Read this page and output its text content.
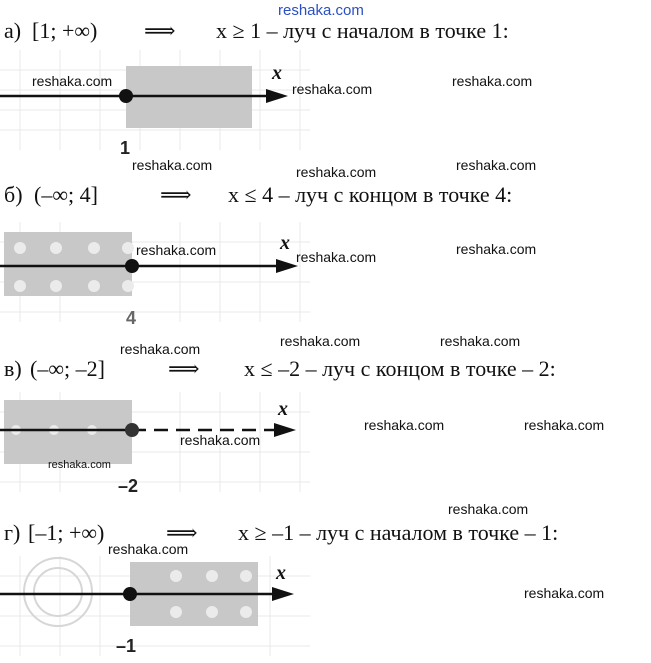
а) [1; +∞) ⟹ x ≥ 1 – луч с началом в точке 1:
б) (–∞; 4]	⟹ x ≤ 4 – луч с концом в точке 4:
в) (–∞; –2]	⟹ x ≤ –2 – луч с концом в точке – 2:
г) [–1; +∞)	⟹ x ≥ –1 – луч с началом в точке – 1:
x
1
x
4
x
–2
x
–1
reshaka.com
reshaka.com	reshaka.com	reshaka.com
reshaka.com	reshaka.com	reshaka.com
reshaka.com	reshaka.com	reshaka.com
reshaka.com	reshaka.com
reshaka.com
reshaka.com	reshaka.com
reshaka.com
reshaka.com
reshaka.com
reshaka.com
reshaka.com
